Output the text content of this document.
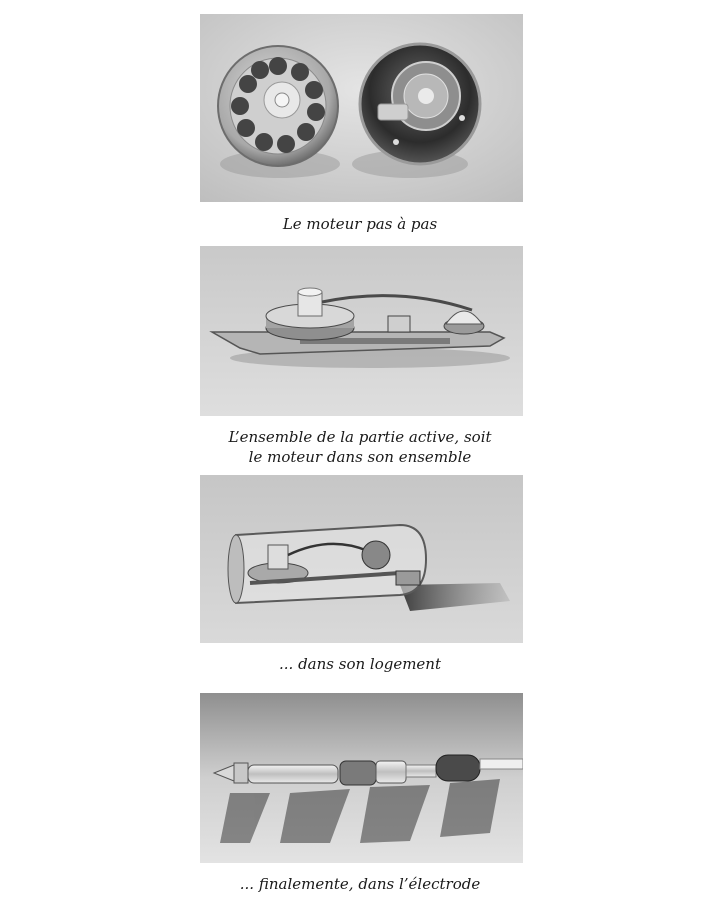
Le moteur pas à pas
L’ensemble de la partie active, soit
le moteur dans son ensemble
... dans son logement
... finalemente, dans l’électrode
